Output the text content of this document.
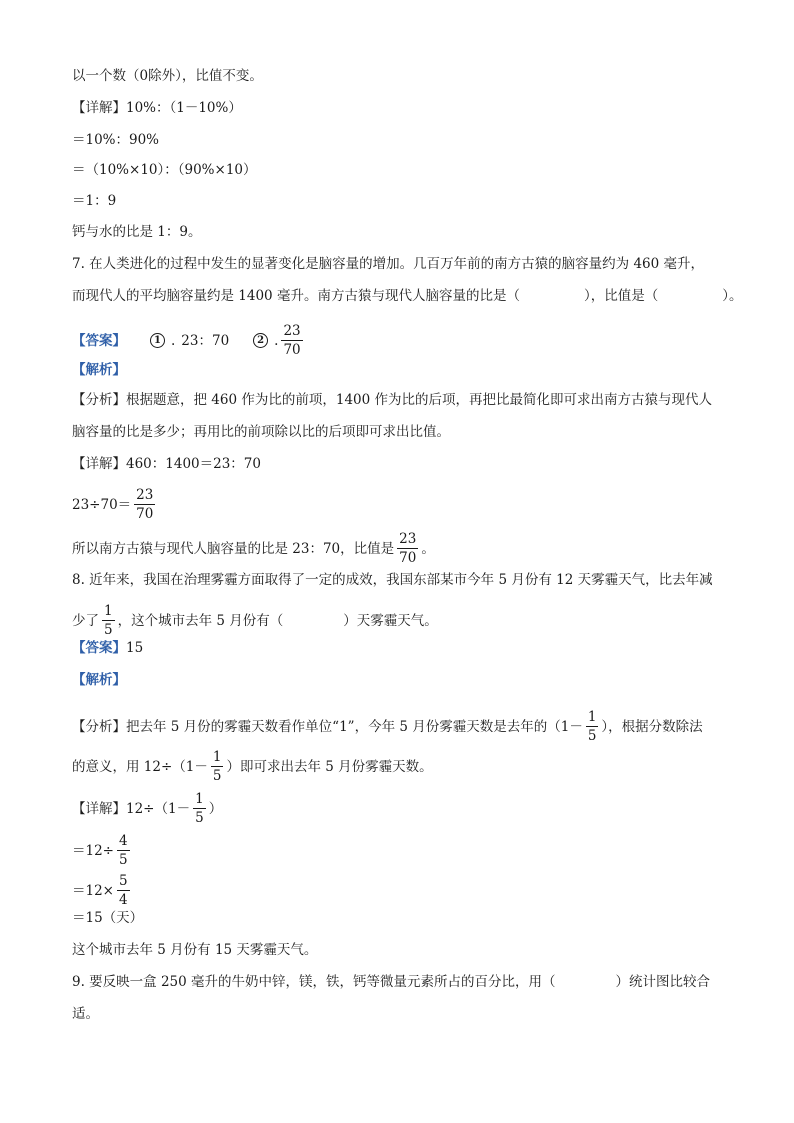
以一个数（0除外），比值不变。
【详解】 10%：（1－10%）
＝10%：90%
＝（10%×10）：（90%×10）
＝1：9
钙与水的比是 1：9。
7. 在人类进化的过程中发生的显著变化是脑容量的增加。几百万年前的南方古猿的脑容量约为 460 毫升，
而现代人的平均脑容量约是 1400 毫升。南方古猿与现代人脑容量的比是（	），比值是（	）。
【答案】	1 . 23：70	2 . $\frac{23}{70}$
【解析】
【分析】 根据题意，把 460 作为比的前项，1400 作为比的后项，再把比最简化即可求出南方古猿与现代人
脑容量的比是多少；再用比的前项除以比的后项即可求出比值。
【详解】 460：1400＝23：70
$23\div 70= \frac{23}{70}$
所以南方古猿与现代人脑容量的比是 23：70，比值是 $\frac{23}{70}$ 。
8. 近年来，我国在治理雾霾方面取得了一定的成效，我国东部某市今年 5 月份有 12 天雾霾天气，比去年减
少了 $\frac{1}{5}$ ，这个城市去年 5 月份有（	）天雾霾天气。
【答案】 15
【解析】
【分析】 把去年 5 月份的雾霾天数看作单位“1”，今年 5 月份雾霾天数是去年的（$1- \frac{1}{5}$ ），根据分数除法
的意义，用 $12\div(1- \frac{1}{5}$ ）即可求出去年 5 月份雾霾天数。
【详解】 $12\div(1- \frac{1}{5}$ ）
$=12\div \frac{4}{5}$
$=12\times \frac{5}{4}$
＝15（天）
这个城市去年 5 月份有 15 天雾霾天气。
9. 要反映一盒 250 毫升的牛奶中锌，镁，铁，钙等微量元素所占的百分比，用（	）统计图比较合
适。
